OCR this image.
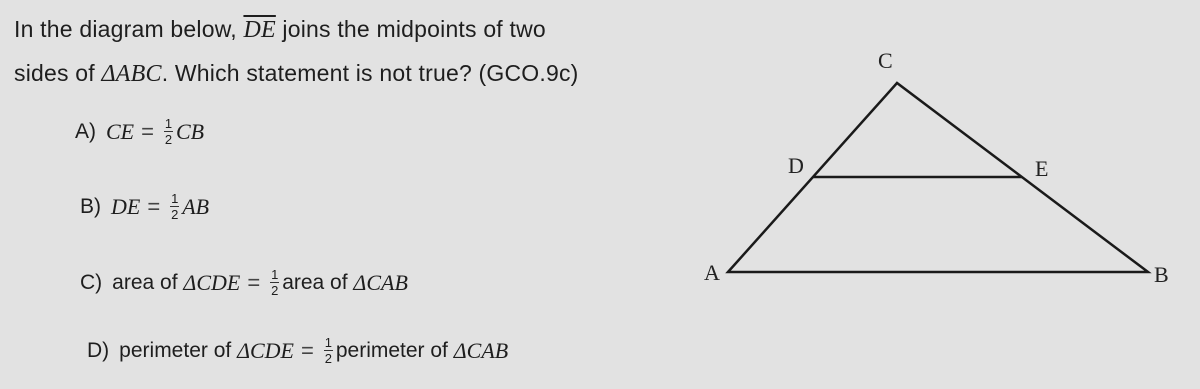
In the diagram below, $\overline{DE}$ joins the midpoints of two
sides of ΔABC. Which statement is not true? (GCO.9c)
A) CE = $\frac{1}{2}$ CB
B) DE = $\frac{1}{2}$ AB
C) area of
$\Delta CDE = \frac{1}{2}$ area of
ΔCAB
D) perimeter of
$\Delta CDE = \frac{1}{2}$ perimeter of
ΔCAB
C
D	E
A	B
